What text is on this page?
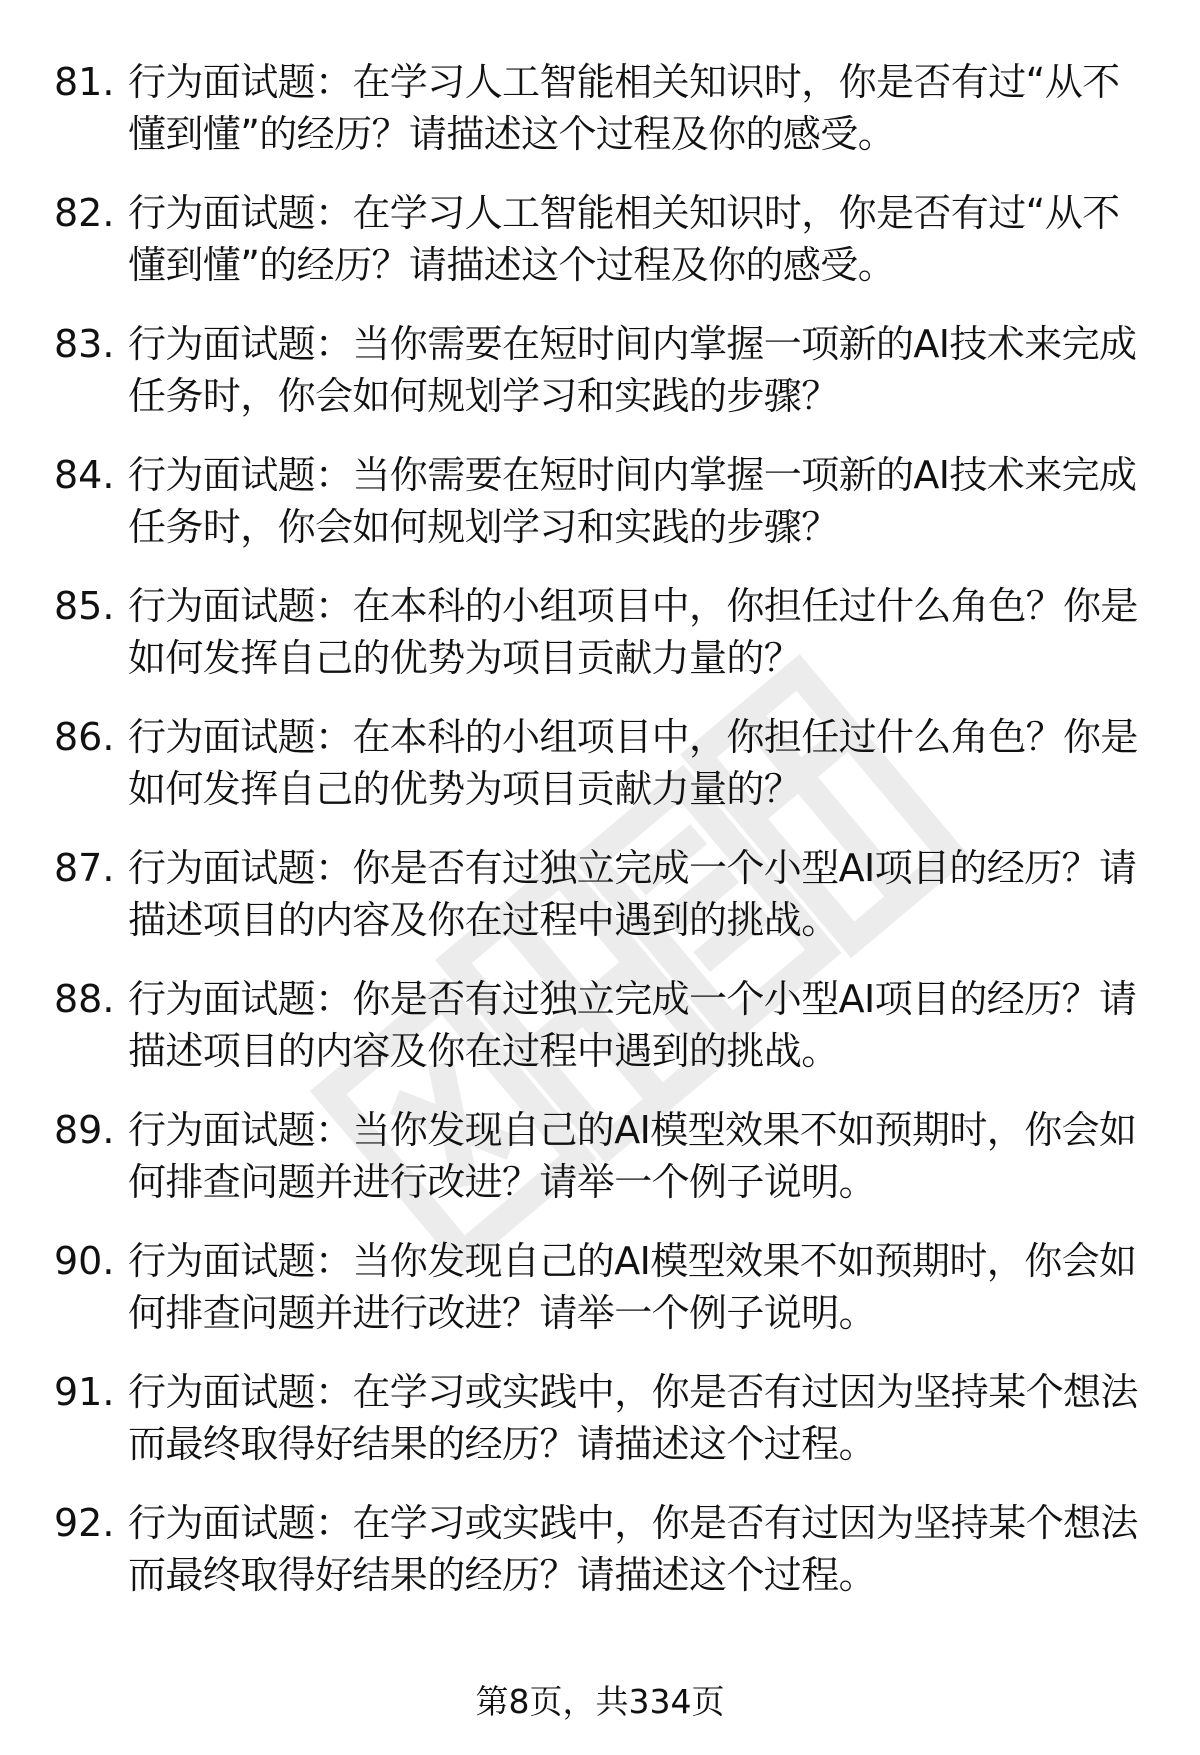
81. 行为面试题：在学习人工智能相关知识时，你是否有过“从不懂到懂”的经历？请描述这个过程及你的感受。
82. 行为面试题：在学习人工智能相关知识时，你是否有过“从不懂到懂”的经历？请描述这个过程及你的感受。
83. 行为面试题：当你需要在短时间内掌握一项新的AI技术来完成任务时，你会如何规划学习和实践的步骤？
84. 行为面试题：当你需要在短时间内掌握一项新的AI技术来完成任务时，你会如何规划学习和实践的步骤？
85. 行为面试题：在本科的小组项目中，你担任过什么角色？你是如何发挥自己的优势为项目贡献力量的？
86. 行为面试题：在本科的小组项目中，你担任过什么角色？你是如何发挥自己的优势为项目贡献力量的？
87. 行为面试题：你是否有过独立完成一个小型AI项目的经历？请描述项目的内容及你在过程中遇到的挑战。
88. 行为面试题：你是否有过独立完成一个小型AI项目的经历？请描述项目的内容及你在过程中遇到的挑战。
89. 行为面试题：当你发现自己的AI模型效果不如预期时，你会如何排查问题并进行改进？请举一个例子说明。
90. 行为面试题：当你发现自己的AI模型效果不如预期时，你会如何排查问题并进行改进？请举一个例子说明。
91. 行为面试题：在学习或实践中，你是否有过因为坚持某个想法而最终取得好结果的经历？请描述这个过程。
92. 行为面试题：在学习或实践中，你是否有过因为坚持某个想法而最终取得好结果的经历？请描述这个过程。
第8页，共334页
